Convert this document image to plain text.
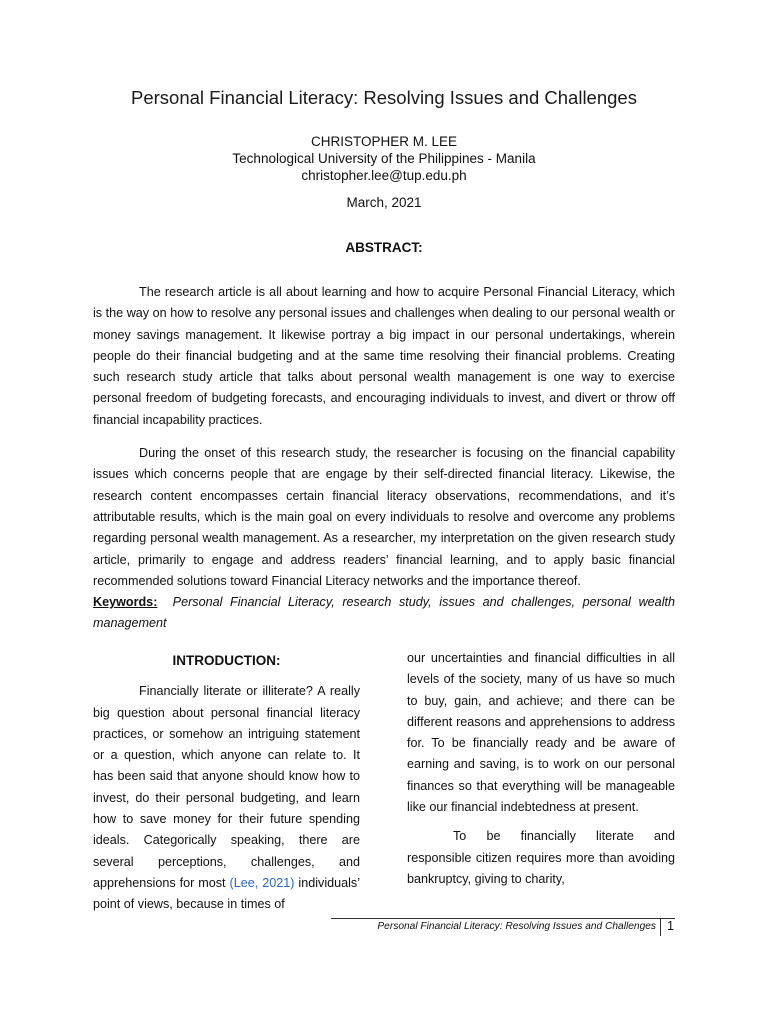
Personal Financial Literacy: Resolving Issues and Challenges
CHRISTOPHER M. LEE
Technological University of the Philippines - Manila
christopher.lee@tup.edu.ph
March, 2021
ABSTRACT:

The research article is all about learning and how to acquire Personal Financial Literacy, which is the way on how to resolve any personal issues and challenges when dealing to our personal wealth or money savings management. It likewise portray a big impact in our personal undertakings, wherein people do their financial budgeting and at the same time resolving their financial problems. Creating such research study article that talks about personal wealth management is one way to exercise personal freedom of budgeting forecasts, and encouraging individuals to invest, and divert or throw off financial incapability practices.

During the onset of this research study, the researcher is focusing on the financial capability issues which concerns people that are engage by their self-directed financial literacy. Likewise, the research content encompasses certain financial literacy observations, recommendations, and it’s attributable results, which is the main goal on every individuals to resolve and overcome any problems regarding personal wealth management. As a researcher, my interpretation on the given research study article, primarily to engage and address readers’ financial learning, and to apply basic financial recommended solutions toward Financial Literacy networks and the importance thereof.

Keywords: Personal Financial Literacy, research study, issues and challenges, personal wealth management

INTRODUCTION:

Financially literate or illiterate? A really big question about personal financial literacy practices, or somehow an intriguing statement or a question, which anyone can relate to. It has been said that anyone should know how to invest, do their personal budgeting, and learn how to save money for their future spending ideals. Categorically speaking, there are several perceptions, challenges, and apprehensions for most (Lee, 2021) individuals’ point of views, because in times of

our uncertainties and financial difficulties in all levels of the society, many of us have so much to buy, gain, and achieve; and there can be different reasons and apprehensions to address for. To be financially ready and be aware of earning and saving, is to work on our personal finances so that everything will be manageable like our financial indebtedness at present.

To be financially literate and responsible citizen requires more than avoiding bankruptcy, giving to charity,

Personal Financial Literacy: Resolving Issues and Challenges 1
